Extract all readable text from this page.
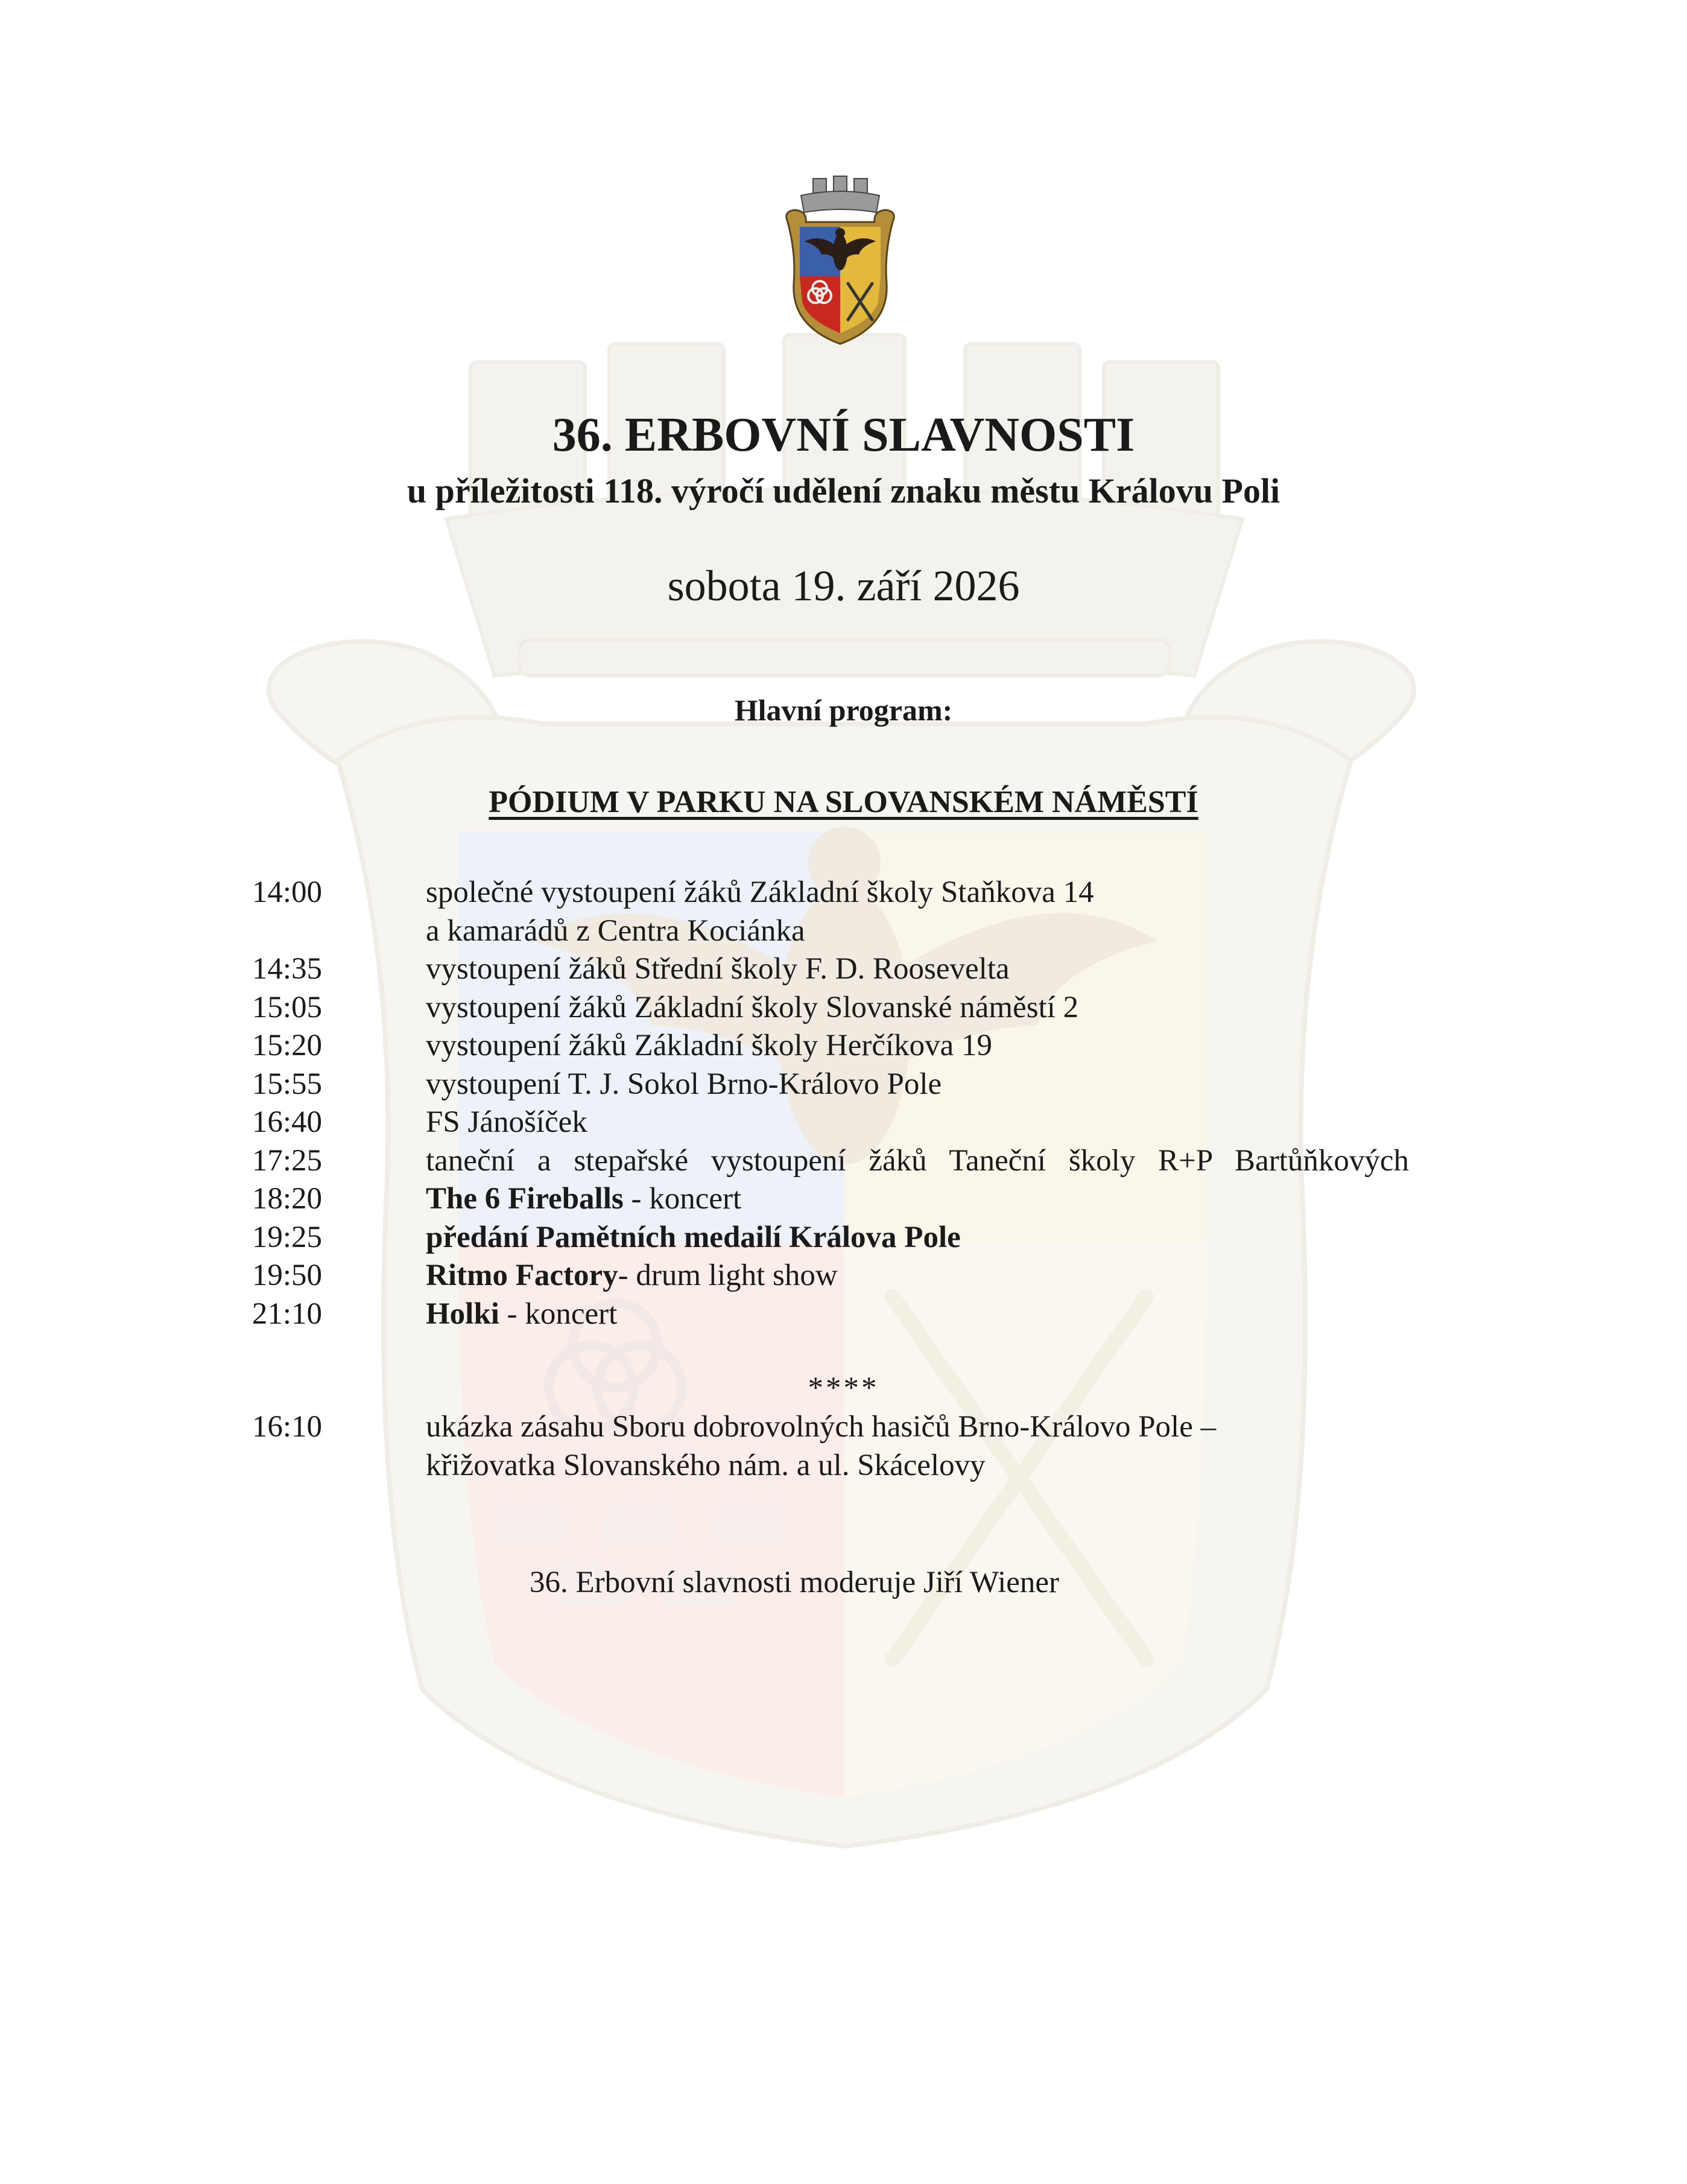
36. ERBOVNÍ SLAVNOSTI
u příležitosti 118. výročí udělení znaku městu Královu Poli
sobota 19. září 2026
Hlavní program:
PÓDIUM V PARKU NA SLOVANSKÉM NÁMĚSTÍ
14:00	společné vystoupení žáků Základní školy Staňkova 14
a kamarádů z Centra Kociánka
14:35	vystoupení žáků Střední školy F. D. Roosevelta
15:05	vystoupení žáků Základní školy Slovanské náměstí 2
15:20	vystoupení žáků Základní školy Herčíkova 19
15:55	vystoupení T. J. Sokol Brno-Královo Pole
16:40	FS Jánošíček
17:25	taneční a stepařské vystoupení žáků Taneční školy R+P Bartůňkových
18:20	The 6 Fireballs - koncert
19:25	předání Pamětních medailí Králova Pole
19:50	Ritmo Factory- drum light show
21:10	Holki - koncert
****
16:10	ukázka zásahu Sboru dobrovolných hasičů Brno-Královo Pole –
křižovatka Slovanského nám. a ul. Skácelovy
36. Erbovní slavnosti moderuje Jiří Wiener
